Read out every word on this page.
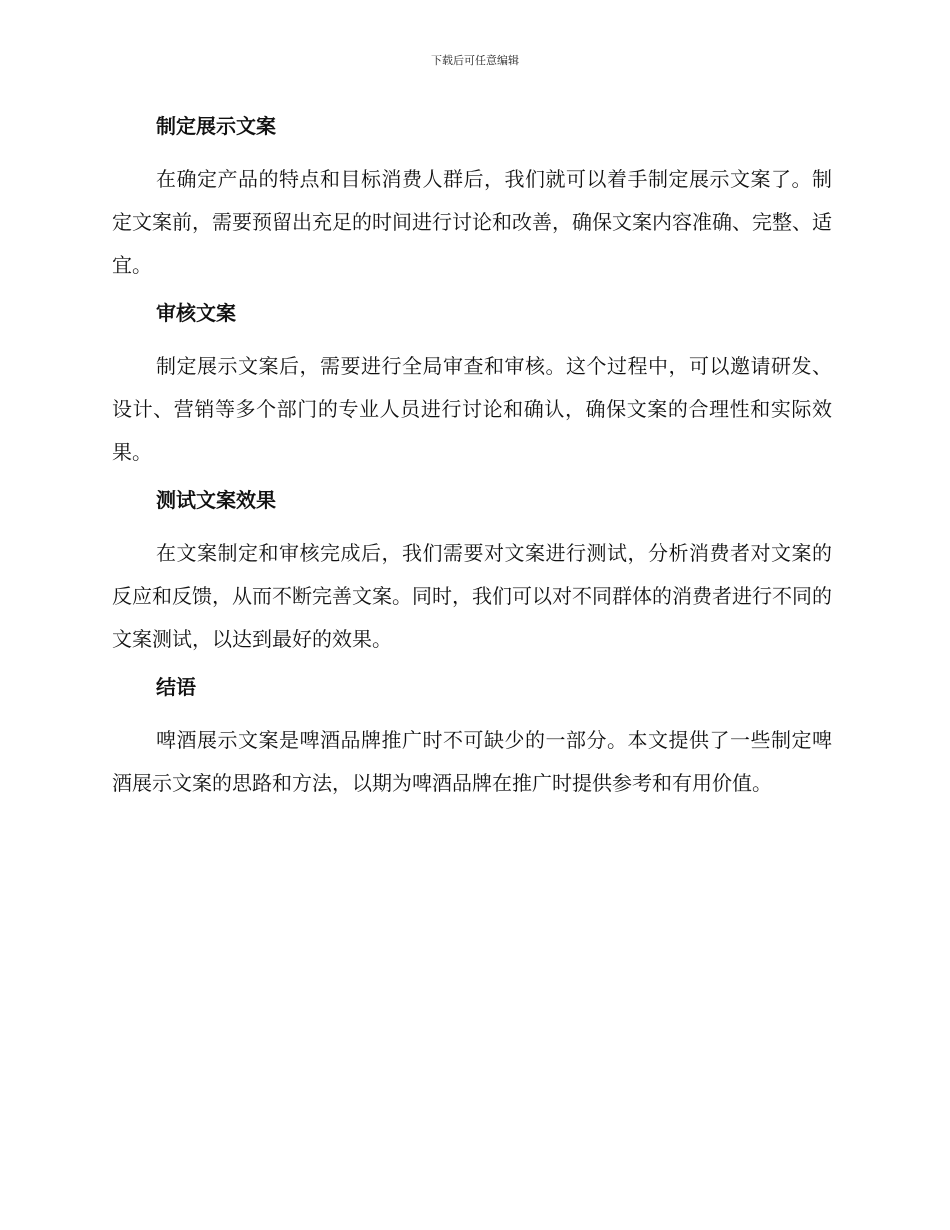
下载后可任意编辑
制定展示文案

在确定产品的特点和目标消费人群后，我们就可以着手制定展示文案了。制定文案前，需要预留出充足的时间进行讨论和改善，确保文案内容准确、完整、适宜。

审核文案

制定展示文案后，需要进行全局审查和审核。这个过程中，可以邀请研发、设计、营销等多个部门的专业人员进行讨论和确认，确保文案的合理性和实际效果。

测试文案效果

在文案制定和审核完成后，我们需要对文案进行测试，分析消费者对文案的反应和反馈，从而不断完善文案。同时，我们可以对不同群体的消费者进行不同的文案测试，以达到最好的效果。

结语

啤酒展示文案是啤酒品牌推广时不可缺少的一部分。本文提供了一些制定啤酒展示文案的思路和方法，以期为啤酒品牌在推广时提供参考和有用价值。
